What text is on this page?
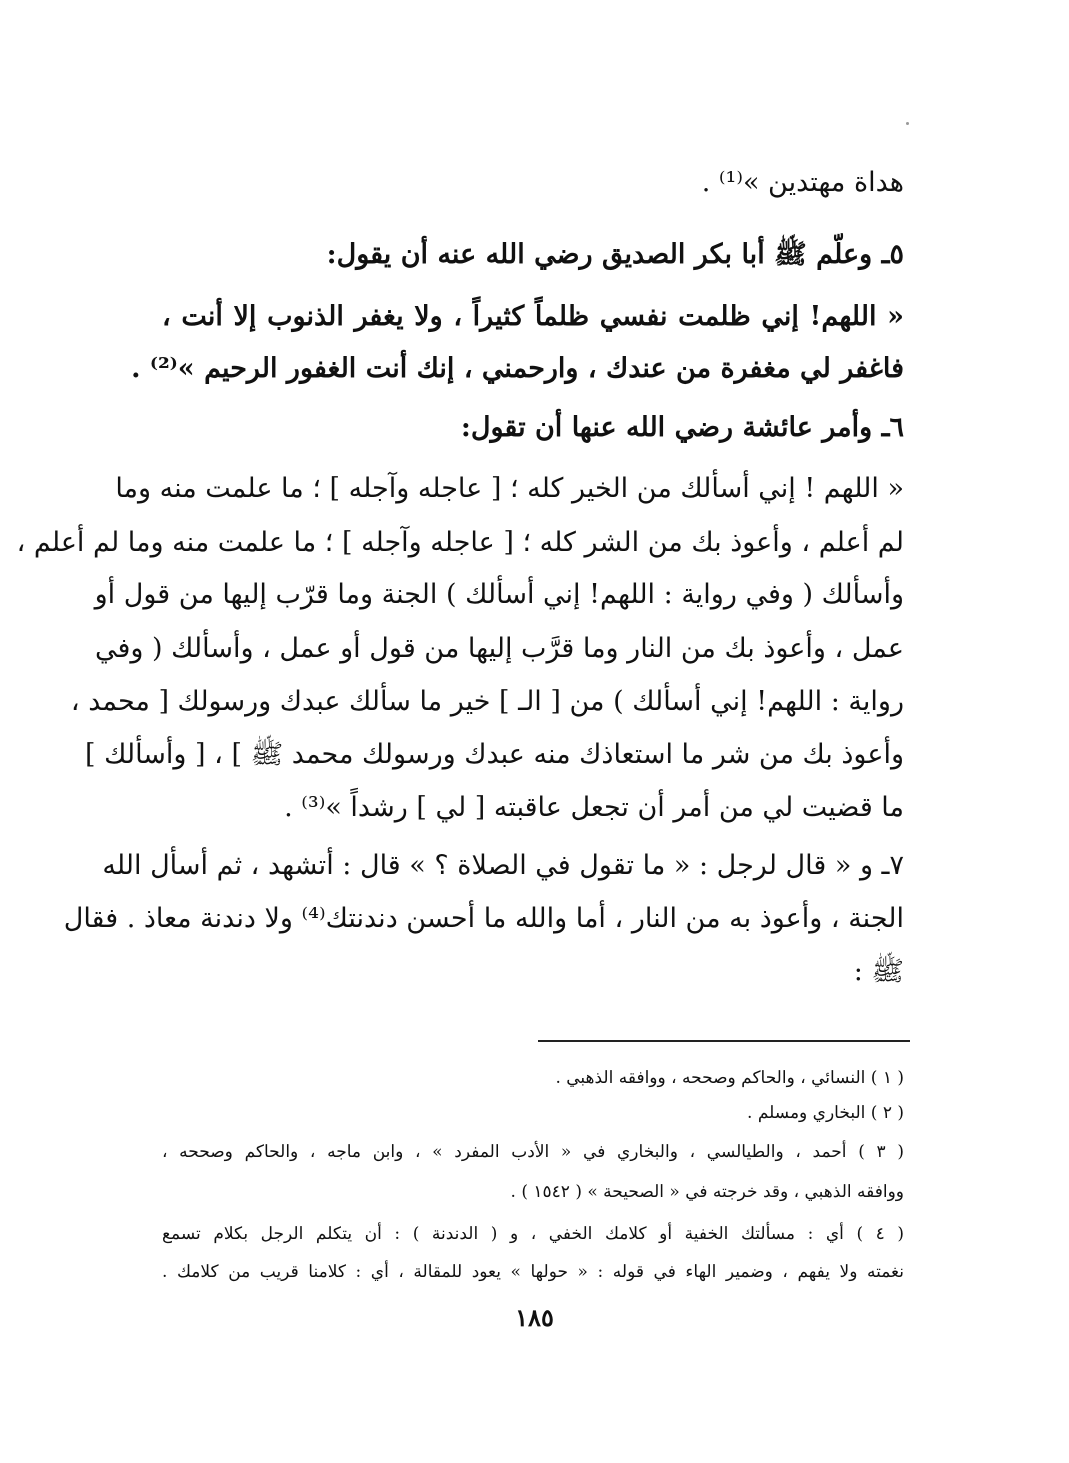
هداة مهتدين »⁽¹⁾ .
٥ـ وعلّم ﷺ أبا بكر الصديق رضي الله عنه أن يقول:
« اللهم! إني ظلمت نفسي ظلماً كثيراً ، ولا يغفر الذنوب إلا أنت ،
فاغفر لي مغفرة من عندك ، وارحمني ، إنك أنت الغفور الرحيم »⁽²⁾ .
٦ـ وأمر عائشة رضي الله عنها أن تقول:
« اللهم ! إني أسألك من الخير كله ؛ [ عاجله وآجله ] ؛ ما علمت منه وما
لم أعلم ، وأعوذ بك من الشر كله ؛ [ عاجله وآجله ] ؛ ما علمت منه وما لم أعلم ،
وأسألك ( وفي رواية : اللهم! إني أسألك ) الجنة وما قرّب إليها من قول أو
عمل ، وأعوذ بك من النار وما قرَّب إليها من قول أو عمل ، وأسألك ( وفي
رواية : اللهم! إني أسألك ) من [ الـ ] خير ما سألك عبدك ورسولك [ محمد ،
وأعوذ بك من شر ما استعاذك منه عبدك ورسولك محمد ﷺ ] ، [ وأسألك ]
ما قضيت لي من أمر أن تجعل عاقبته [ لي ] رشداً »⁽³⁾ .
٧ـ و « قال لرجل : « ما تقول في الصلاة ؟ » قال : أتشهد ، ثم أسأل الله
الجنة ، وأعوذ به من النار ، أما والله ما أحسن دندنتك⁽⁴⁾ ولا دندنة معاذ . فقال
ﷺ :
( ١ ) النسائي ، والحاكم وصححه ، ووافقه الذهبي .
( ٢ ) البخاري ومسلم .
( ٣ ) أحمد ، والطيالسي ، والبخاري في « الأدب المفرد » ، وابن ماجه ، والحاكم وصححه ،
ووافقه الذهبي ، وقد خرجته في « الصحيحة » ( ١٥٤٢ ) .
( ٤ ) أي : مسألتك الخفية أو كلامك الخفي ، و ( الدندنة ) : أن يتكلم الرجل بكلام تسمع
نغمته ولا يفهم ، وضمير الهاء في قوله : « حولها » يعود للمقالة ، أي : كلامنا قريب من كلامك .
١٨٥
